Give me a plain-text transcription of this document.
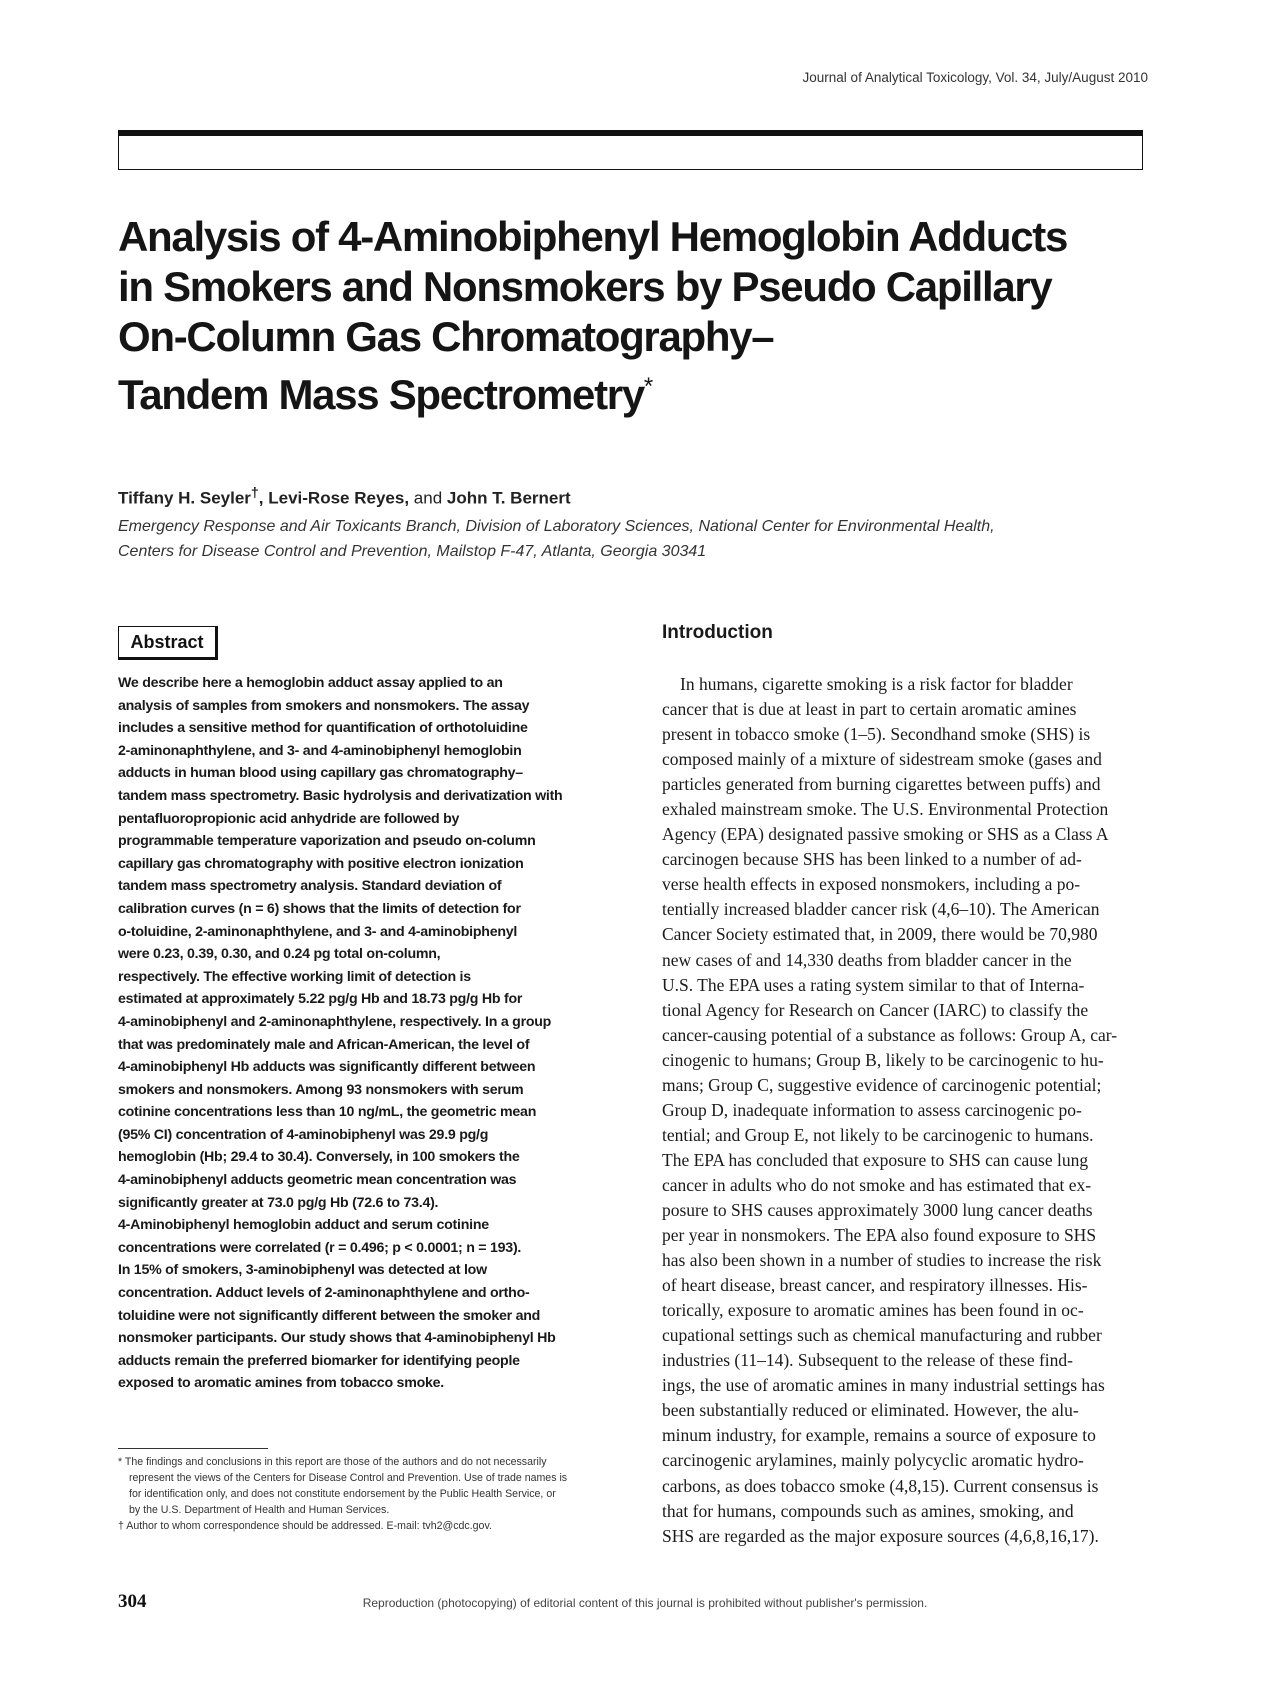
Journal of Analytical Toxicology, Vol. 34, July/August 2010
Analysis of 4-Aminobiphenyl Hemoglobin Adducts
in Smokers and Nonsmokers by Pseudo Capillary
On-Column Gas Chromatography–
Tandem Mass Spectrometry*
Tiffany H. Seyler†, Levi-Rose Reyes, and John T. Bernert
Emergency Response and Air Toxicants Branch, Division of Laboratory Sciences, National Center for Environmental Health,
Centers for Disease Control and Prevention, Mailstop F-47, Atlanta, Georgia 30341
Abstract
We describe here a hemoglobin adduct assay applied to an
analysis of samples from smokers and nonsmokers. The assay
includes a sensitive method for quantification of orthotoluidine
2-aminonaphthylene, and 3- and 4-aminobiphenyl hemoglobin
adducts in human blood using capillary gas chromatography–
tandem mass spectrometry. Basic hydrolysis and derivatization with
pentafluoropropionic acid anhydride are followed by
programmable temperature vaporization and pseudo on-column
capillary gas chromatography with positive electron ionization
tandem mass spectrometry analysis. Standard deviation of
calibration curves (n = 6) shows that the limits of detection for
o-toluidine, 2-aminonaphthylene, and 3- and 4-aminobiphenyl
were 0.23, 0.39, 0.30, and 0.24 pg total on-column,
respectively. The effective working limit of detection is
estimated at approximately 5.22 pg/g Hb and 18.73 pg/g Hb for
4-aminobiphenyl and 2-aminonaphthylene, respectively. In a group
that was predominately male and African-American, the level of
4-aminobiphenyl Hb adducts was significantly different between
smokers and nonsmokers. Among 93 nonsmokers with serum
cotinine concentrations less than 10 ng/mL, the geometric mean
(95% CI) concentration of 4-aminobiphenyl was 29.9 pg/g
hemoglobin (Hb; 29.4 to 30.4). Conversely, in 100 smokers the
4-aminobiphenyl adducts geometric mean concentration was
significantly greater at 73.0 pg/g Hb (72.6 to 73.4).
4-Aminobiphenyl hemoglobin adduct and serum cotinine
concentrations were correlated (r = 0.496; p < 0.0001; n = 193).
In 15% of smokers, 3-aminobiphenyl was detected at low
concentration. Adduct levels of 2-aminonaphthylene and ortho-
toluidine were not significantly different between the smoker and
nonsmoker participants. Our study shows that 4-aminobiphenyl Hb
adducts remain the preferred biomarker for identifying people
exposed to aromatic amines from tobacco smoke.
* The findings and conclusions in this report are those of the authors and do not necessarily
represent the views of the Centers for Disease Control and Prevention. Use of trade names is
for identification only, and does not constitute endorsement by the Public Health Service, or
by the U.S. Department of Health and Human Services.
† Author to whom correspondence should be addressed. E-mail: tvh2@cdc.gov.
Introduction
In humans, cigarette smoking is a risk factor for bladder
cancer that is due at least in part to certain aromatic amines
present in tobacco smoke (1–5). Secondhand smoke (SHS) is
composed mainly of a mixture of sidestream smoke (gases and
particles generated from burning cigarettes between puffs) and
exhaled mainstream smoke. The U.S. Environmental Protection
Agency (EPA) designated passive smoking or SHS as a Class A
carcinogen because SHS has been linked to a number of ad-
verse health effects in exposed nonsmokers, including a po-
tentially increased bladder cancer risk (4,6–10). The American
Cancer Society estimated that, in 2009, there would be 70,980
new cases of and 14,330 deaths from bladder cancer in the
U.S. The EPA uses a rating system similar to that of Interna-
tional Agency for Research on Cancer (IARC) to classify the
cancer-causing potential of a substance as follows: Group A, car-
cinogenic to humans; Group B, likely to be carcinogenic to hu-
mans; Group C, suggestive evidence of carcinogenic potential;
Group D, inadequate information to assess carcinogenic po-
tential; and Group E, not likely to be carcinogenic to humans.
The EPA has concluded that exposure to SHS can cause lung
cancer in adults who do not smoke and has estimated that ex-
posure to SHS causes approximately 3000 lung cancer deaths
per year in nonsmokers. The EPA also found exposure to SHS
has also been shown in a number of studies to increase the risk
of heart disease, breast cancer, and respiratory illnesses. His-
torically, exposure to aromatic amines has been found in oc-
cupational settings such as chemical manufacturing and rubber
industries (11–14). Subsequent to the release of these find-
ings, the use of aromatic amines in many industrial settings has
been substantially reduced or eliminated. However, the alu-
minum industry, for example, remains a source of exposure to
carcinogenic arylamines, mainly polycyclic aromatic hydro-
carbons, as does tobacco smoke (4,8,15). Current consensus is
that for humans, compounds such as amines, smoking, and
SHS are regarded as the major exposure sources (4,6,8,16,17).
304	Reproduction (photocopying) of editorial content of this journal is prohibited without publisher's permission.
